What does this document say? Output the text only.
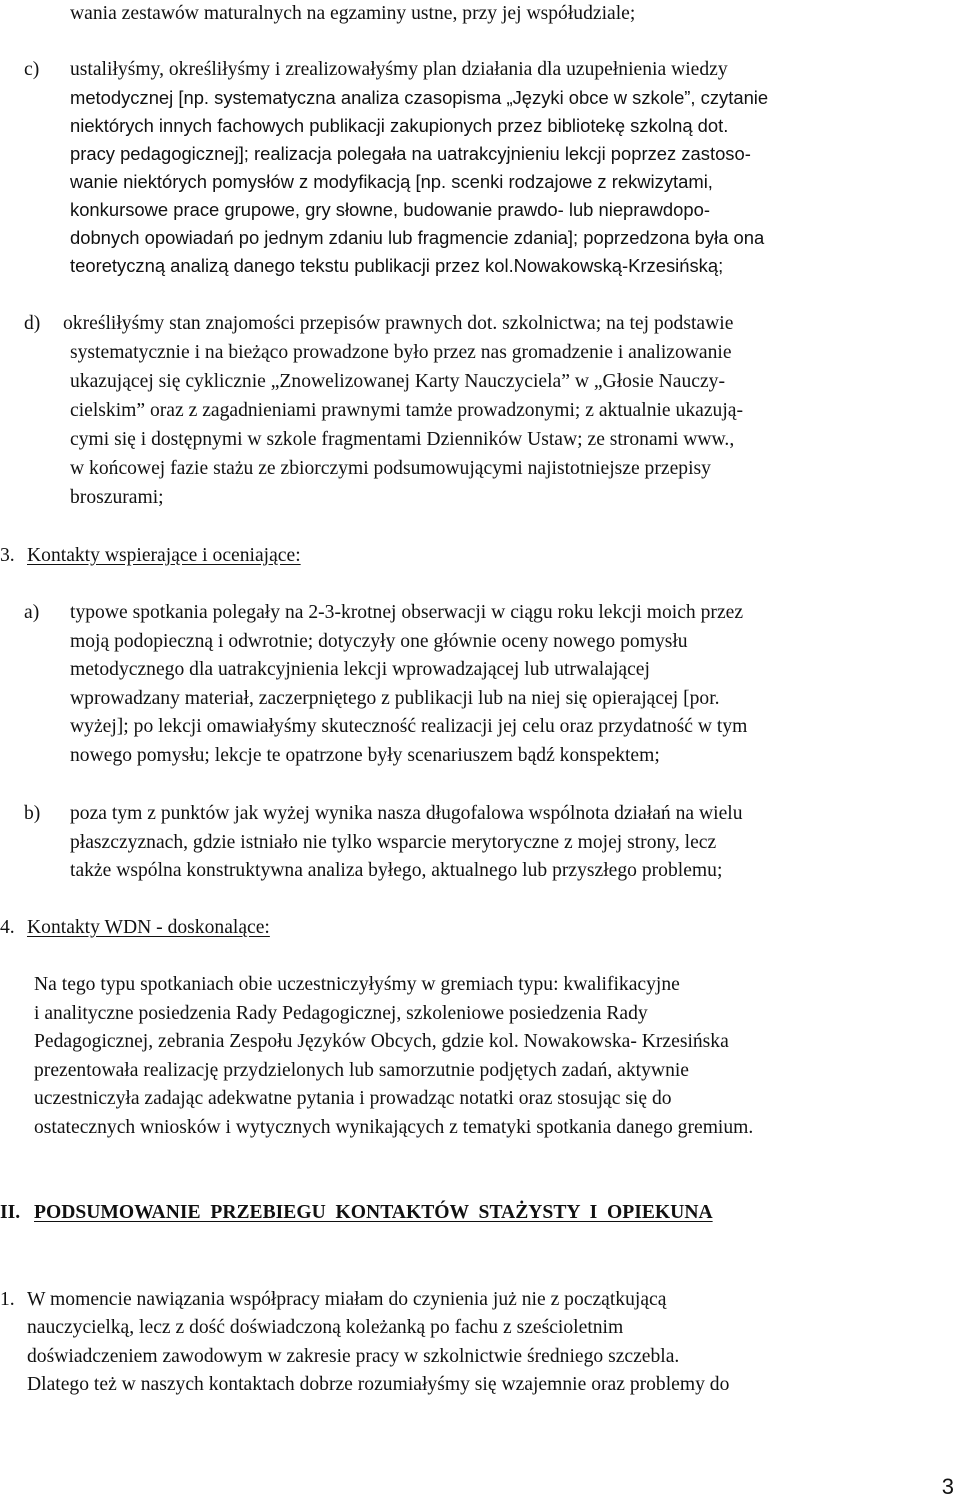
wania zestawów maturalnych na egzaminy ustne, przy jej współudziale;
c) ustaliłyśmy, określiłyśmy i zrealizowałyśmy plan działania dla uzupełnienia wiedzy
metodycznej [np. systematyczna analiza czasopisma „Języki obce w szkole”, czytanie
niektórych innych fachowych publikacji zakupionych przez bibliotekę szkolną dot.
pracy pedagogicznej]; realizacja polegała na uatrakcyjnieniu lekcji poprzez zastoso-
wanie niektórych pomysłów z modyfikacją [np. scenki rodzajowe z rekwizytami,
konkursowe prace grupowe, gry słowne, budowanie prawdo- lub nieprawdopo-
dobnych opowiadań po jednym zdaniu lub fragmencie zdania]; poprzedzona była ona
teoretyczną analizą danego tekstu publikacji przez kol.Nowakowską-Krzesińską;
d) określiłyśmy stan znajomości przepisów prawnych dot. szkolnictwa; na tej podstawie
systematycznie i na bieżąco prowadzone było przez nas gromadzenie i analizowanie
ukazującej się cyklicznie „Znowelizowanej Karty Nauczyciela” w „Głosie Nauczy-
cielskim” oraz z zagadnieniami prawnymi tamże prowadzonymi; z aktualnie ukazują-
cymi się i dostępnymi w szkole fragmentami Dzienników Ustaw; ze stronami www.,
w końcowej fazie stażu ze zbiorczymi podsumowującymi najistotniejsze przepisy
broszurami;
3. Kontakty wspierające i oceniające:
a) typowe spotkania polegały na 2-3-krotnej obserwacji w ciągu roku lekcji moich przez
moją podopieczną i odwrotnie; dotyczyły one głównie oceny nowego pomysłu
metodycznego dla uatrakcyjnienia lekcji wprowadzającej lub utrwalającej
wprowadzany materiał, zaczerpniętego z publikacji lub na niej się opierającej [por.
wyżej]; po lekcji omawiałyśmy skuteczność realizacji jej celu oraz przydatność w tym
nowego pomysłu; lekcje te opatrzone były scenariuszem bądź konspektem;
b) poza tym z punktów jak wyżej wynika nasza długofalowa wspólnota działań na wielu
płaszczyznach, gdzie istniało nie tylko wsparcie merytoryczne z mojej strony, lecz
także wspólna konstruktywna analiza byłego, aktualnego lub przyszłego problemu;
4. Kontakty WDN - doskonalące:
Na tego typu spotkaniach obie uczestniczyłyśmy w gremiach typu: kwalifikacyjne
i analityczne posiedzenia Rady Pedagogicznej, szkoleniowe posiedzenia Rady
Pedagogicznej, zebrania Zespołu Języków Obcych, gdzie kol. Nowakowska- Krzesińska
prezentowała realizację przydzielonych lub samorzutnie podjętych zadań, aktywnie
uczestniczyła zadając adekwatne pytania i prowadząc notatki oraz stosując się do
ostatecznych wniosków i wytycznych wynikających z tematyki spotkania danego gremium.
II. PODSUMOWANIE  PRZEBIEGU  KONTAKTÓW  STAŻYSTY  I  OPIEKUNA
1. W momencie nawiązania współpracy miałam do czynienia już nie z początkującą
nauczycielką, lecz z dość doświadczoną koleżanką po fachu z sześcioletnim
doświadczeniem zawodowym w zakresie pracy w szkolnictwie średniego szczebla.
Dlatego też w naszych kontaktach dobrze rozumiałyśmy się wzajemnie oraz problemy do
3
